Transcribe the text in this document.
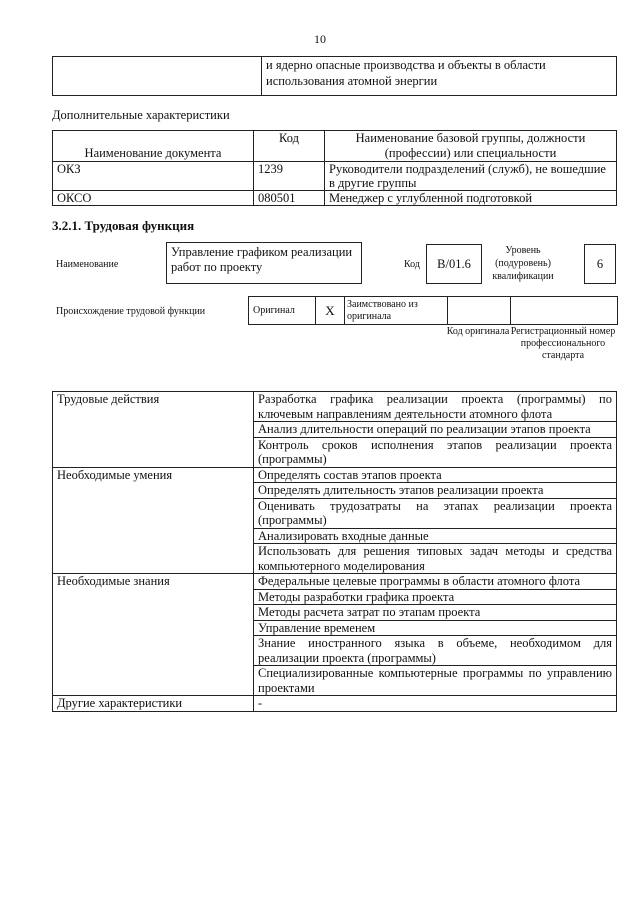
10
	и ядерно опасные производства и объекты в области использования атомной энергии
Дополнительные характеристики
Наименование документа	Код	Наименование базовой группы, должности (профессии) или специальности
ОКЗ	1239	Руководители подразделений (служб), не вошедшие в другие группы
ОКСО	080501	Менеджер с углубленной подготовкой
3.2.1. Трудовая функция
Наименование
Управление графиком реализации работ по проекту	Код	B/01.6
Уровень (подуровень) квалификации
6
Происхождение трудовой функции	Оригинал	X	Заимствовано из оригинала
Код оригинала Регистрационный номер профессионального стандарта
Трудовые действия	Разработка графика реализации проекта (программы) по ключевым направлениям деятельности атомного флота
	Анализ длительности операций по реализации этапов проекта
	Контроль сроков исполнения этапов реализации проекта (программы)
Необходимые умения	Определять состав этапов проекта
	Определять длительность этапов реализации проекта
	Оценивать трудозатраты на этапах реализации проекта (программы)
	Анализировать входные данные
	Использовать для решения типовых задач методы и средства компьютерного моделирования
Необходимые знания	Федеральные целевые программы в области атомного флота
	Методы разработки графика проекта
	Методы расчета затрат по этапам проекта
	Управление временем
	Знание иностранного языка в объеме, необходимом для реализации проекта (программы)
	Специализированные компьютерные программы по управлению проектами
Другие характеристики	-
